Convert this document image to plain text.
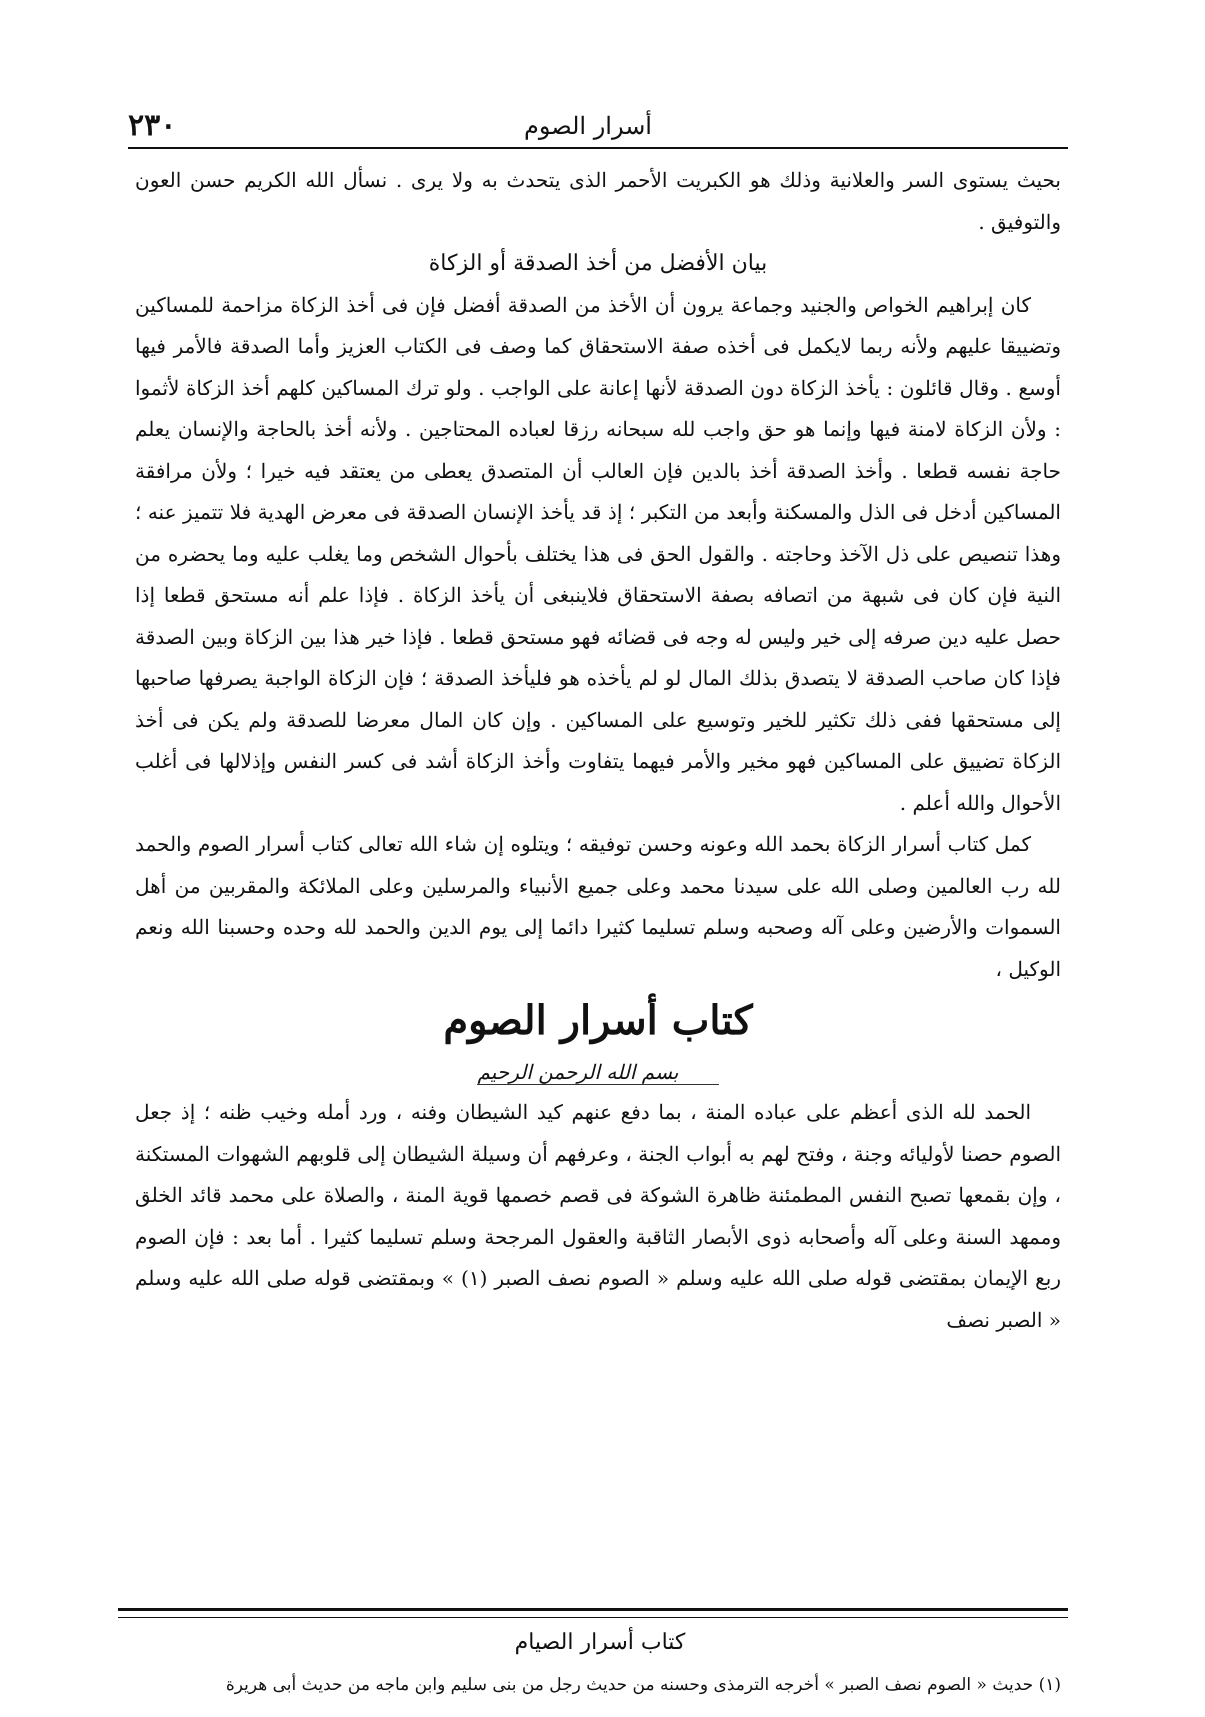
٢٣٠	أسرار الصوم

بحيث يستوى السر والعلانية وذلك هو الكبريت الأحمر الذى يتحدث به ولا يرى . نسأل الله الكريم حسن العون والتوفيق .

بيان الأفضل من أخذ الصدقة أو الزكاة

كان إبراهيم الخواص والجنيد وجماعة يرون أن الأخذ من الصدقة أفضل فإن فى أخذ الزكاة مزاحمة للمساكين وتضييقا عليهم ولأنه ربما لايكمل فى أخذه صفة الاستحقاق كما وصف فى الكتاب العزيز وأما الصدقة فالأمر فيها أوسع . وقال قائلون : يأخذ الزكاة دون الصدقة لأنها إعانة على الواجب . ولو ترك المساكين كلهم أخذ الزكاة لأثموا : ولأن الزكاة لامنة فيها وإنما هو حق واجب لله سبحانه رزقا لعباده المحتاجين . ولأنه أخذ بالحاجة والإنسان يعلم حاجة نفسه قطعا . وأخذ الصدقة أخذ بالدين فإن العالب أن المتصدق يعطى من يعتقد فيه خيرا ؛ ولأن مرافقة المساكين أدخل فى الذل والمسكنة وأبعد من التكبر ؛ إذ قد يأخذ الإنسان الصدقة فى معرض الهدية فلا تتميز عنه ؛ وهذا تنصيص على ذل الآخذ وحاجته . والقول الحق فى هذا يختلف بأحوال الشخص وما يغلب عليه وما يحضره من النية فإن كان فى شبهة من اتصافه بصفة الاستحقاق فلاينبغى أن يأخذ الزكاة . فإذا علم أنه مستحق قطعا إذا حصل عليه دين صرفه إلى خير وليس له وجه فى قضائه فهو مستحق قطعا . فإذا خير هذا بين الزكاة وبين الصدقة فإذا كان صاحب الصدقة لا يتصدق بذلك المال لو لم يأخذه هو فليأخذ الصدقة ؛ فإن الزكاة الواجبة يصرفها صاحبها إلى مستحقها ففى ذلك تكثير للخير وتوسيع على المساكين . وإن كان المال معرضا للصدقة ولم يكن فى أخذ الزكاة تضييق على المساكين فهو مخير والأمر فيهما يتفاوت وأخذ الزكاة أشد فى كسر النفس وإذلالها فى أغلب الأحوال والله أعلم .

كمل كتاب أسرار الزكاة بحمد الله وعونه وحسن توفيقه ؛ ويتلوه إن شاء الله تعالى كتاب أسرار الصوم والحمد لله رب العالمين وصلى الله على سيدنا محمد وعلى جميع الأنبياء والمرسلين وعلى الملائكة والمقربين من أهل السموات والأرضين وعلى آله وصحبه وسلم تسليما كثيرا دائما إلى يوم الدين والحمد لله وحده وحسبنا الله ونعم الوكيل ،

كتاب أسرار الصوم

بسم الله الرحمن الرحيم

الحمد لله الذى أعظم على عباده المنة ، بما دفع عنهم كيد الشيطان وفنه ، ورد أمله وخيب ظنه ؛ إذ جعل الصوم حصنا لأوليائه وجنة ، وفتح لهم به أبواب الجنة ، وعرفهم أن وسيلة الشيطان إلى قلوبهم الشهوات المستكنة ، وإن بقمعها تصبح النفس المطمئنة ظاهرة الشوكة فى قصم خصمها قوية المنة ، والصلاة على محمد قائد الخلق وممهد السنة وعلى آله وأصحابه ذوى الأبصار الثاقبة والعقول المرجحة وسلم تسليما كثيرا . أما بعد : فإن الصوم ربع الإيمان بمقتضى قوله صلى الله عليه وسلم « الصوم نصف الصبر (١) » وبمقتضى قوله صلى الله عليه وسلم « الصبر نصف

كتاب أسرار الصيام
(١) حديث « الصوم نصف الصبر » أخرجه الترمذى وحسنه من حديث رجل من بنى سليم وابن ماجه من حديث أبى هريرة
